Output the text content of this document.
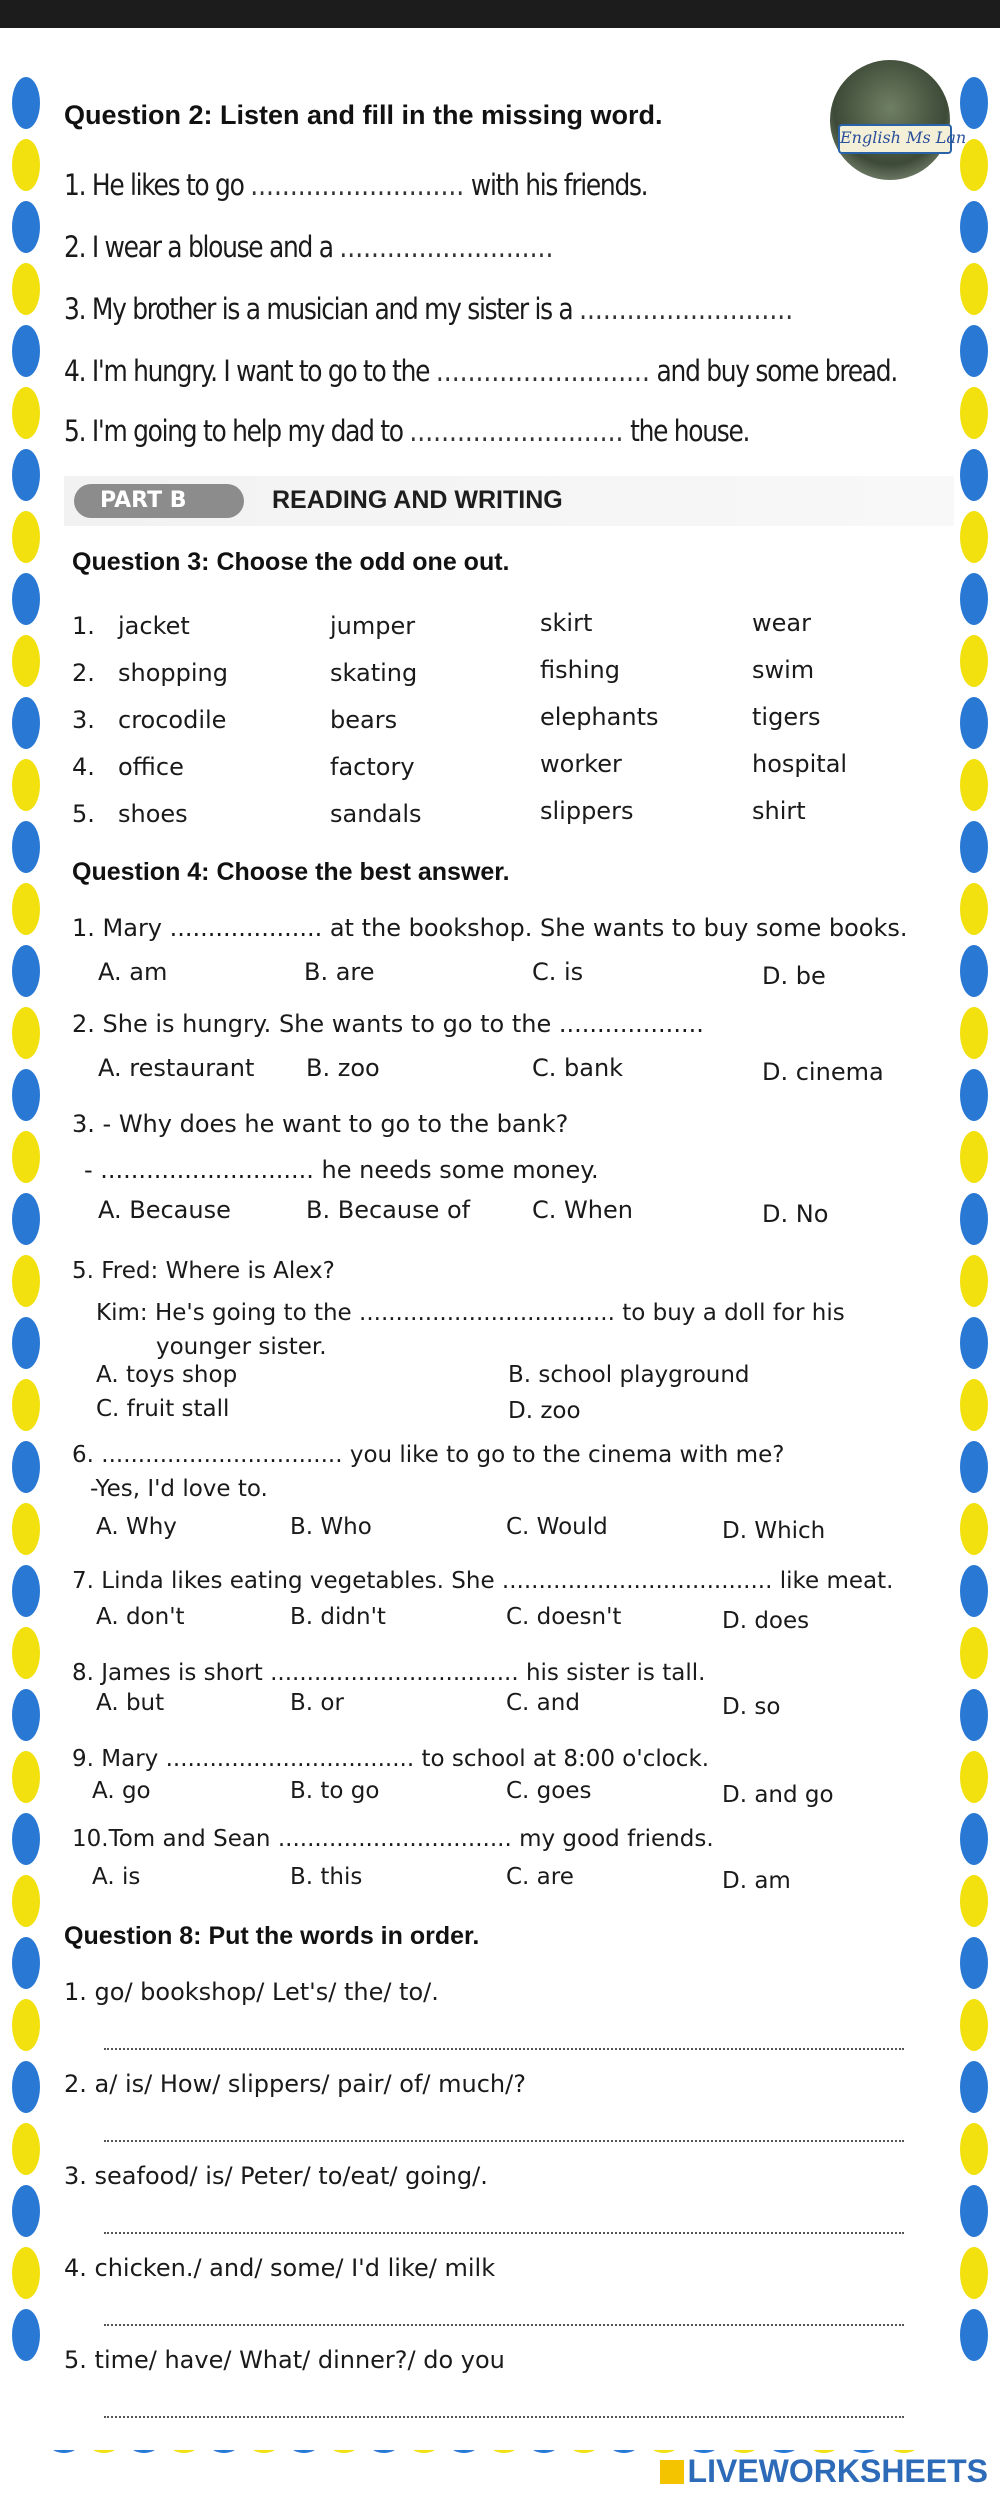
English Ms Lan
Question 2: Listen and fill in the missing word.
1. He likes to go ........................... with his friends.
2. I wear a blouse and a ...........................
3. My brother is a musician and my sister is a ...........................
4. I'm hungry. I want to go to the ........................... and buy some bread.
5. I'm going to help my dad to ........................... the house.
PART B	READING AND WRITING
Question 3: Choose the odd one out.
1. jacket	jumper	skirt	wear
2. shopping	skating	fishing	swim
3. crocodile	bears	elephants	tigers
4. office	factory	worker	hospital
5. shoes	sandals	slippers	shirt
Question 4: Choose the best answer.
1. Mary .................... at the bookshop. She wants to buy some books.
A. am	B. are	C. is	D. be
2. She is hungry. She wants to go to the ...................
A. restaurant B. zoo	C. bank	D. cinema
3. - Why does he want to go to the bank?
- ............................ he needs some money.
A. Because	B. Because of	C. When	D. No
5. Fred: Where is Alex?
Kim: He's going to the ................................... to buy a doll for his
younger sister.
A. toys shop	B. school playground
C. fruit stall	D. zoo
6. ................................. you like to go to the cinema with me?
-Yes, I'd love to.
A. Why	B. Who	C. Would	D. Which
7. Linda likes eating vegetables. She ..................................... like meat.
A. don't	B. didn't	C. doesn't	D. does
8. James is short .................................. his sister is tall.
A. but	B. or	C. and	D. so
9. Mary .................................. to school at 8:00 o'clock.
A. go	B. to go	C. goes	D. and go
10.Tom and Sean ................................ my good friends.
A. is	B. this	C. are	D. am
Question 8: Put the words in order.
1. go/ bookshop/ Let's/ the/ to/.
2. a/ is/ How/ slippers/ pair/ of/ much/?
3. seafood/ is/ Peter/ to/eat/ going/.
4. chicken./ and/ some/ I'd like/ milk
5. time/ have/ What/ dinner?/ do you
LIVEWORKSHEETS
